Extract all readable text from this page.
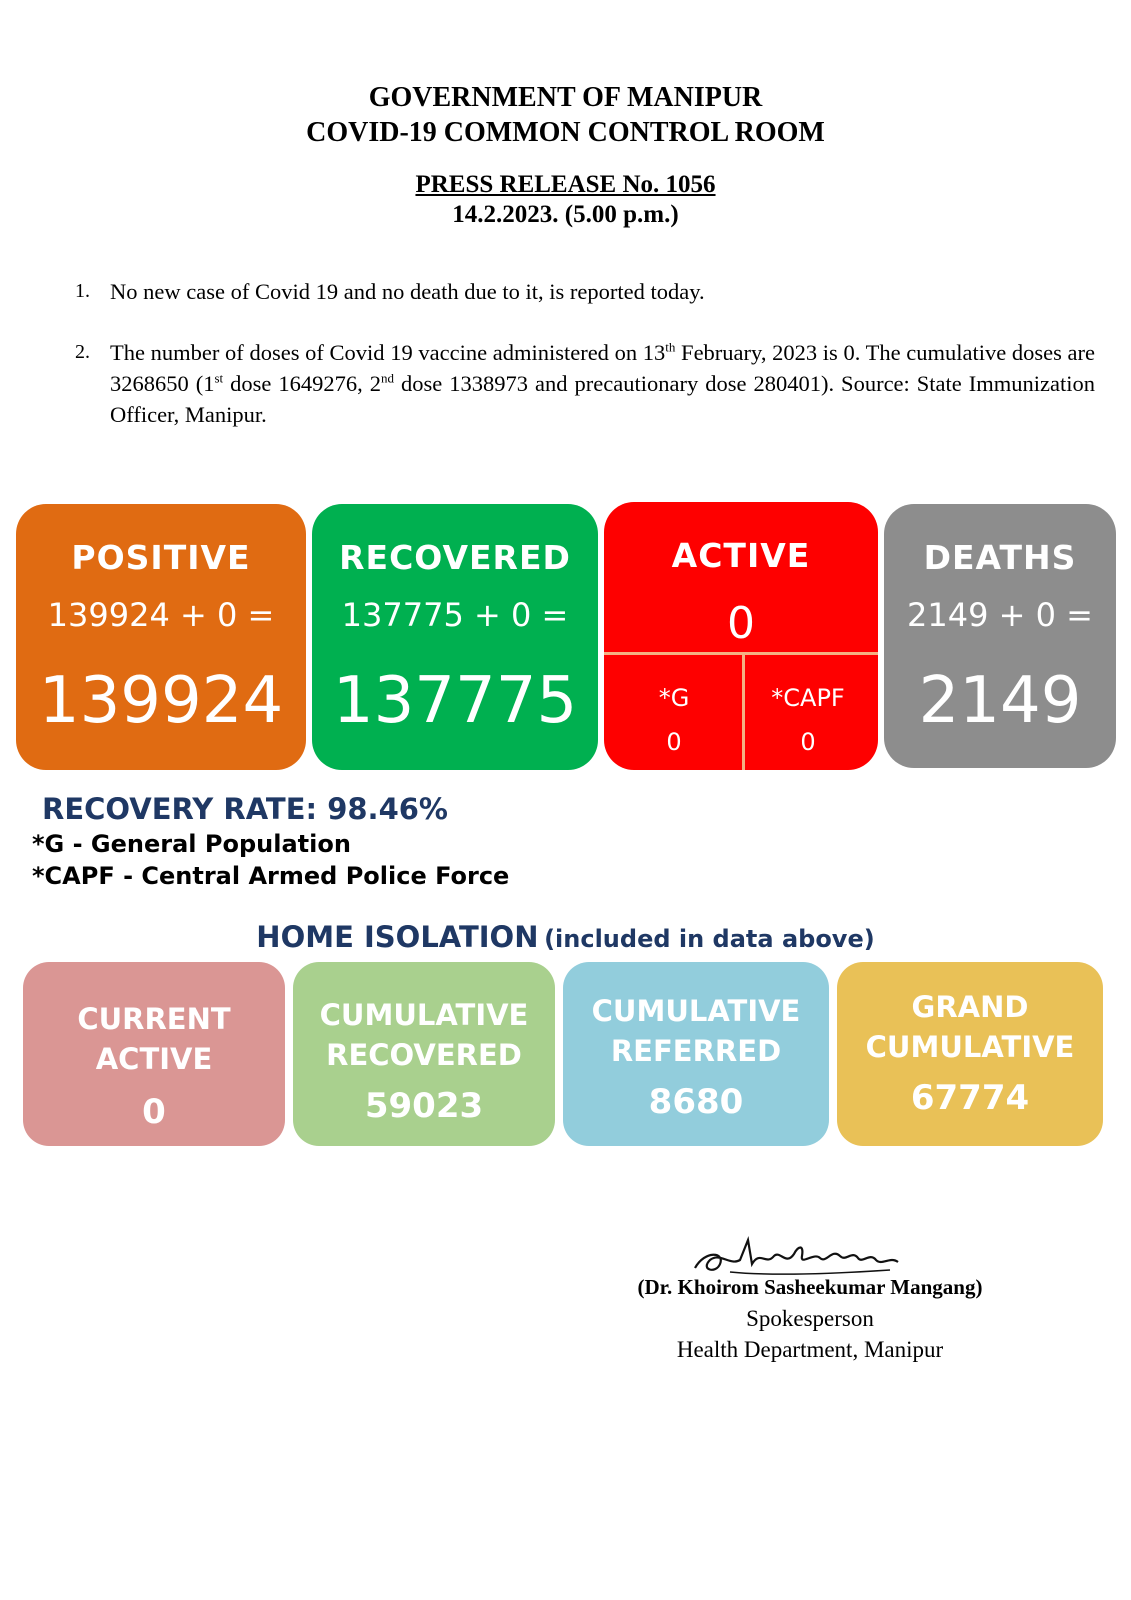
GOVERNMENT OF MANIPUR
COVID-19 COMMON CONTROL ROOM
PRESS RELEASE No. 1056
14.2.2023. (5.00 p.m.)
1. No new case of Covid 19 and no death due to it, is reported today.
2. The number of doses of Covid 19 vaccine administered on 13th February, 2023 is 0. The cumulative doses are 3268650 (1st dose 1649276, 2nd dose 1338973 and precautionary dose 280401). Source: State Immunization Officer, Manipur.
POSITIVE
139924 + 0 =
139924
RECOVERED
137775 + 0 =
137775
ACTIVE
0
*G
0
*CAPF
0
DEATHS
2149 + 0 =
2149
RECOVERY RATE: 98.46%
*G - General Population
*CAPF - Central Armed Police Force
HOME ISOLATION (included in data above)
CURRENT
ACTIVE
0
CUMULATIVE
RECOVERED
59023
CUMULATIVE
REFERRED
8680
GRAND
CUMULATIVE
67774
(Dr. Khoirom Sasheekumar Mangang)
Spokesperson
Health Department, Manipur
